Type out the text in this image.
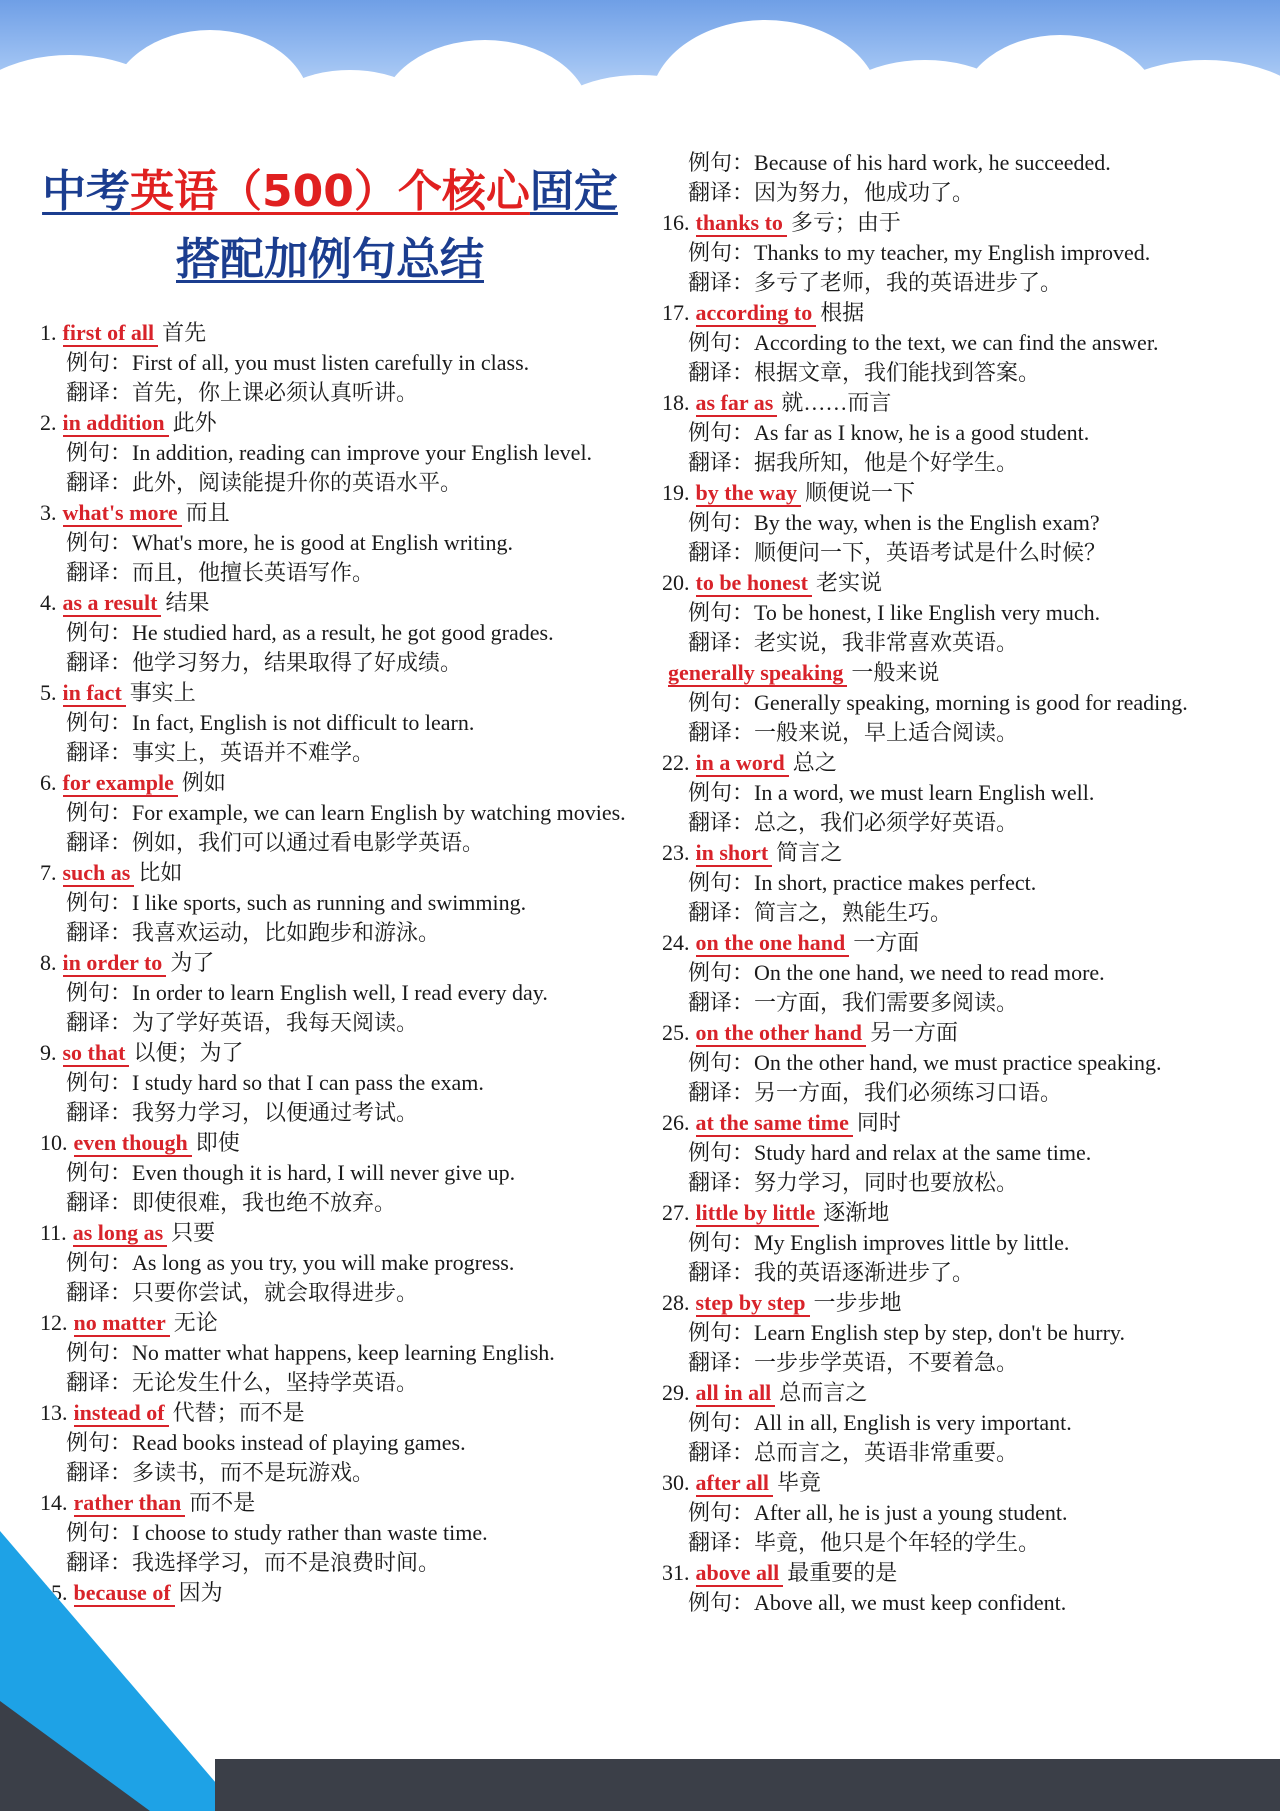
中考英语（500）个核心固定
搭配加例句总结
1. first of all 首先
例句：First of all, you must listen carefully in class.
翻译：首先，你上课必须认真听讲。
2. in addition 此外
例句：In addition, reading can improve your English level.
翻译：此外，阅读能提升你的英语水平。
3. what's more 而且
例句：What's more, he is good at English writing.
翻译：而且，他擅长英语写作。
4. as a result 结果
例句：He studied hard, as a result, he got good grades.
翻译：他学习努力，结果取得了好成绩。
5. in fact 事实上
例句：In fact, English is not difficult to learn.
翻译：事实上，英语并不难学。
6. for example 例如
例句：For example, we can learn English by watching movies.
翻译：例如，我们可以通过看电影学英语。
7. such as 比如
例句：I like sports, such as running and swimming.
翻译：我喜欢运动，比如跑步和游泳。
8. in order to 为了
例句：In order to learn English well, I read every day.
翻译：为了学好英语，我每天阅读。
9. so that 以便；为了
例句：I study hard so that I can pass the exam.
翻译：我努力学习，以便通过考试。
10. even though 即使
例句：Even though it is hard, I will never give up.
翻译：即使很难，我也绝不放弃。
11. as long as 只要
例句：As long as you try, you will make progress.
翻译：只要你尝试，就会取得进步。
12. no matter 无论
例句：No matter what happens, keep learning English.
翻译：无论发生什么，坚持学英语。
13. instead of 代替；而不是
例句：Read books instead of playing games.
翻译：多读书，而不是玩游戏。
14. rather than 而不是
例句：I choose to study rather than waste time.
翻译：我选择学习，而不是浪费时间。
15. because of 因为
例句：Because of his hard work, he succeeded.
翻译：因为努力，他成功了。
16. thanks to 多亏；由于
例句：Thanks to my teacher, my English improved.
翻译：多亏了老师，我的英语进步了。
17. according to 根据
例句：According to the text, we can find the answer.
翻译：根据文章，我们能找到答案。
18. as far as 就……而言
例句：As far as I know, he is a good student.
翻译：据我所知，他是个好学生。
19. by the way 顺便说一下
例句：By the way, when is the English exam?
翻译：顺便问一下，英语考试是什么时候？
20. to be honest 老实说
例句：To be honest, I like English very much.
翻译：老实说，我非常喜欢英语。
generally speaking 一般来说
例句：Generally speaking, morning is good for reading.
翻译：一般来说，早上适合阅读。
22. in a word 总之
例句：In a word, we must learn English well.
翻译：总之，我们必须学好英语。
23. in short 简言之
例句：In short, practice makes perfect.
翻译：简言之，熟能生巧。
24. on the one hand 一方面
例句：On the one hand, we need to read more.
翻译：一方面，我们需要多阅读。
25. on the other hand 另一方面
例句：On the other hand, we must practice speaking.
翻译：另一方面，我们必须练习口语。
26. at the same time 同时
例句：Study hard and relax at the same time.
翻译：努力学习，同时也要放松。
27. little by little 逐渐地
例句：My English improves little by little.
翻译：我的英语逐渐进步了。
28. step by step 一步步地
例句：Learn English step by step, don't be hurry.
翻译：一步步学英语，不要着急。
29. all in all 总而言之
例句：All in all, English is very important.
翻译：总而言之，英语非常重要。
30. after all 毕竟
例句：After all, he is just a young student.
翻译：毕竟，他只是个年轻的学生。
31. above all 最重要的是
例句：Above all, we must keep confident.
